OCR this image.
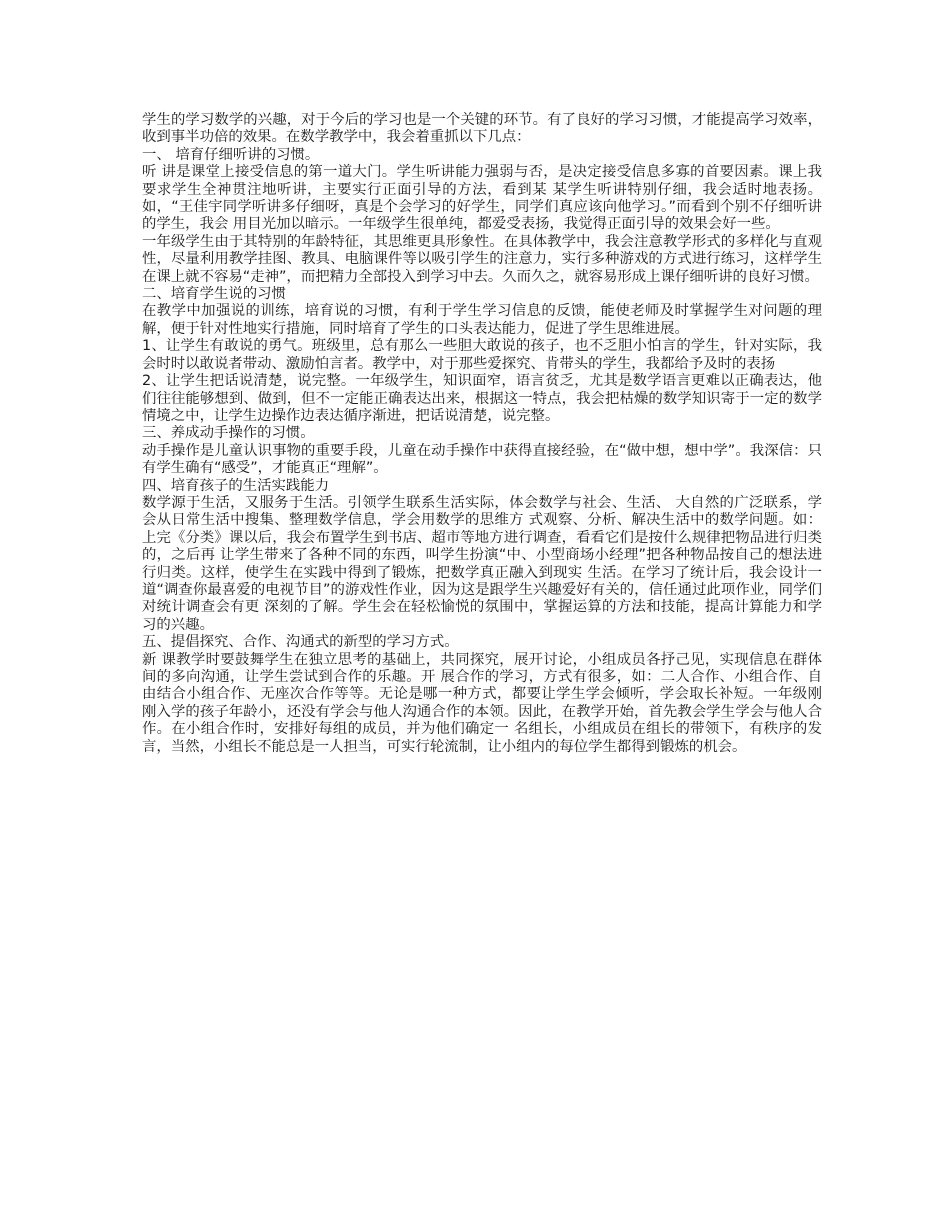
学生的学习数学的兴趣，对于今后的学习也是一个关键的环节。有了良好的学习习惯，才能提高学习效率，收到事半功倍的效果。在数学教学中，我会着重抓以下几点：

一、 培育仔细听讲的习惯。

听 讲是课堂上接受信息的第一道大门。学生听讲能力强弱与否，是决定接受信息多寡的首要因素。课上我要求学生全神贯注地听讲，主要实行正面引导的方法，看到某 某学生听讲特别仔细，我会适时地表扬。如，“王佳宇同学听讲多仔细呀，真是个会学习的好学生，同学们真应该向他学习。”而看到个别不仔细听讲的学生，我会 用目光加以暗示。一年级学生很单纯，都爱受表扬，我觉得正面引导的效果会好一些。

一年级学生由于其特别的年龄特征，其思维更具形象性。在具体教学中，我会注意教学形式的多样化与直观性，尽量利用教学挂图、教具、电脑课件等以吸引学生的注意力，实行多种游戏的方式进行练习，这样学生在课上就不容易“走神”，而把精力全部投入到学习中去。久而久之，就容易形成上课仔细听讲的良好习惯。

二、培育学生说的习惯

在教学中加强说的训练，培育说的习惯，有利于学生学习信息的反馈，能使老师及时掌握学生对问题的理解，便于针对性地实行措施，同时培育了学生的口头表达能力，促进了学生思维进展。

1、让学生有敢说的勇气。班级里，总有那么一些胆大敢说的孩子，也不乏胆小怕言的学生，针对实际，我会时时以敢说者带动、激励怕言者。教学中，对于那些爱探究、肯带头的学生，我都给予及时的表扬

2、让学生把话说清楚，说完整。一年级学生，知识面窄，语言贫乏，尤其是数学语言更难以正确表达，他们往往能够想到、做到，但不一定能正确表达出来，根据这一特点，我会把枯燥的数学知识寄于一定的数学情境之中，让学生边操作边表达循序渐进，把话说清楚，说完整。

三、养成动手操作的习惯。

动手操作是儿童认识事物的重要手段，儿童在动手操作中获得直接经验，在“做中想，想中学”。我深信：只有学生确有“感受”，才能真正“理解”。

四、培育孩子的生活实践能力

数学源于生活，又服务于生活。引领学生联系生活实际，体会数学与社会、生活、 大自然的广泛联系，学会从日常生活中搜集、整理数学信息，学会用数学的思维方 式观察、分析、解决生活中的数学问题。如：上完《分类》课以后，我会布置学生到书店、超市等地方进行调查，看看它们是按什么规律把物品进行归类的，之后再 让学生带来了各种不同的东西，叫学生扮演“中、小型商场小经理”把各种物品按自己的想法进行归类。这样，使学生在实践中得到了锻炼，把数学真正融入到现实 生活。在学习了统计后，我会设计一道“调查你最喜爱的电视节目”的游戏性作业，因为这是跟学生兴趣爱好有关的，信任通过此项作业，同学们对统计调查会有更 深刻的了解。学生会在轻松愉悦的氛围中，掌握运算的方法和技能，提高计算能力和学习的兴趣。

五、提倡探究、合作、沟通式的新型的学习方式。

新 课教学时要鼓舞学生在独立思考的基础上，共同探究，展开讨论，小组成员各抒己见，实现信息在群体间的多向沟通，让学生尝试到合作的乐趣。开 展合作的学习，方式有很多，如：二人合作、小组合作、自由结合小组合作、无座次合作等等。无论是哪一种方式，都要让学生学会倾听，学会取长补短。一年级刚 刚入学的孩子年龄小，还没有学会与他人沟通合作的本领。因此，在教学开始，首先教会学生学会与他人合作。在小组合作时，安排好每组的成员，并为他们确定一 名组长，小组成员在组长的带领下，有秩序的发言，当然，小组长不能总是一人担当，可实行轮流制，让小组内的每位学生都得到锻炼的机会。
